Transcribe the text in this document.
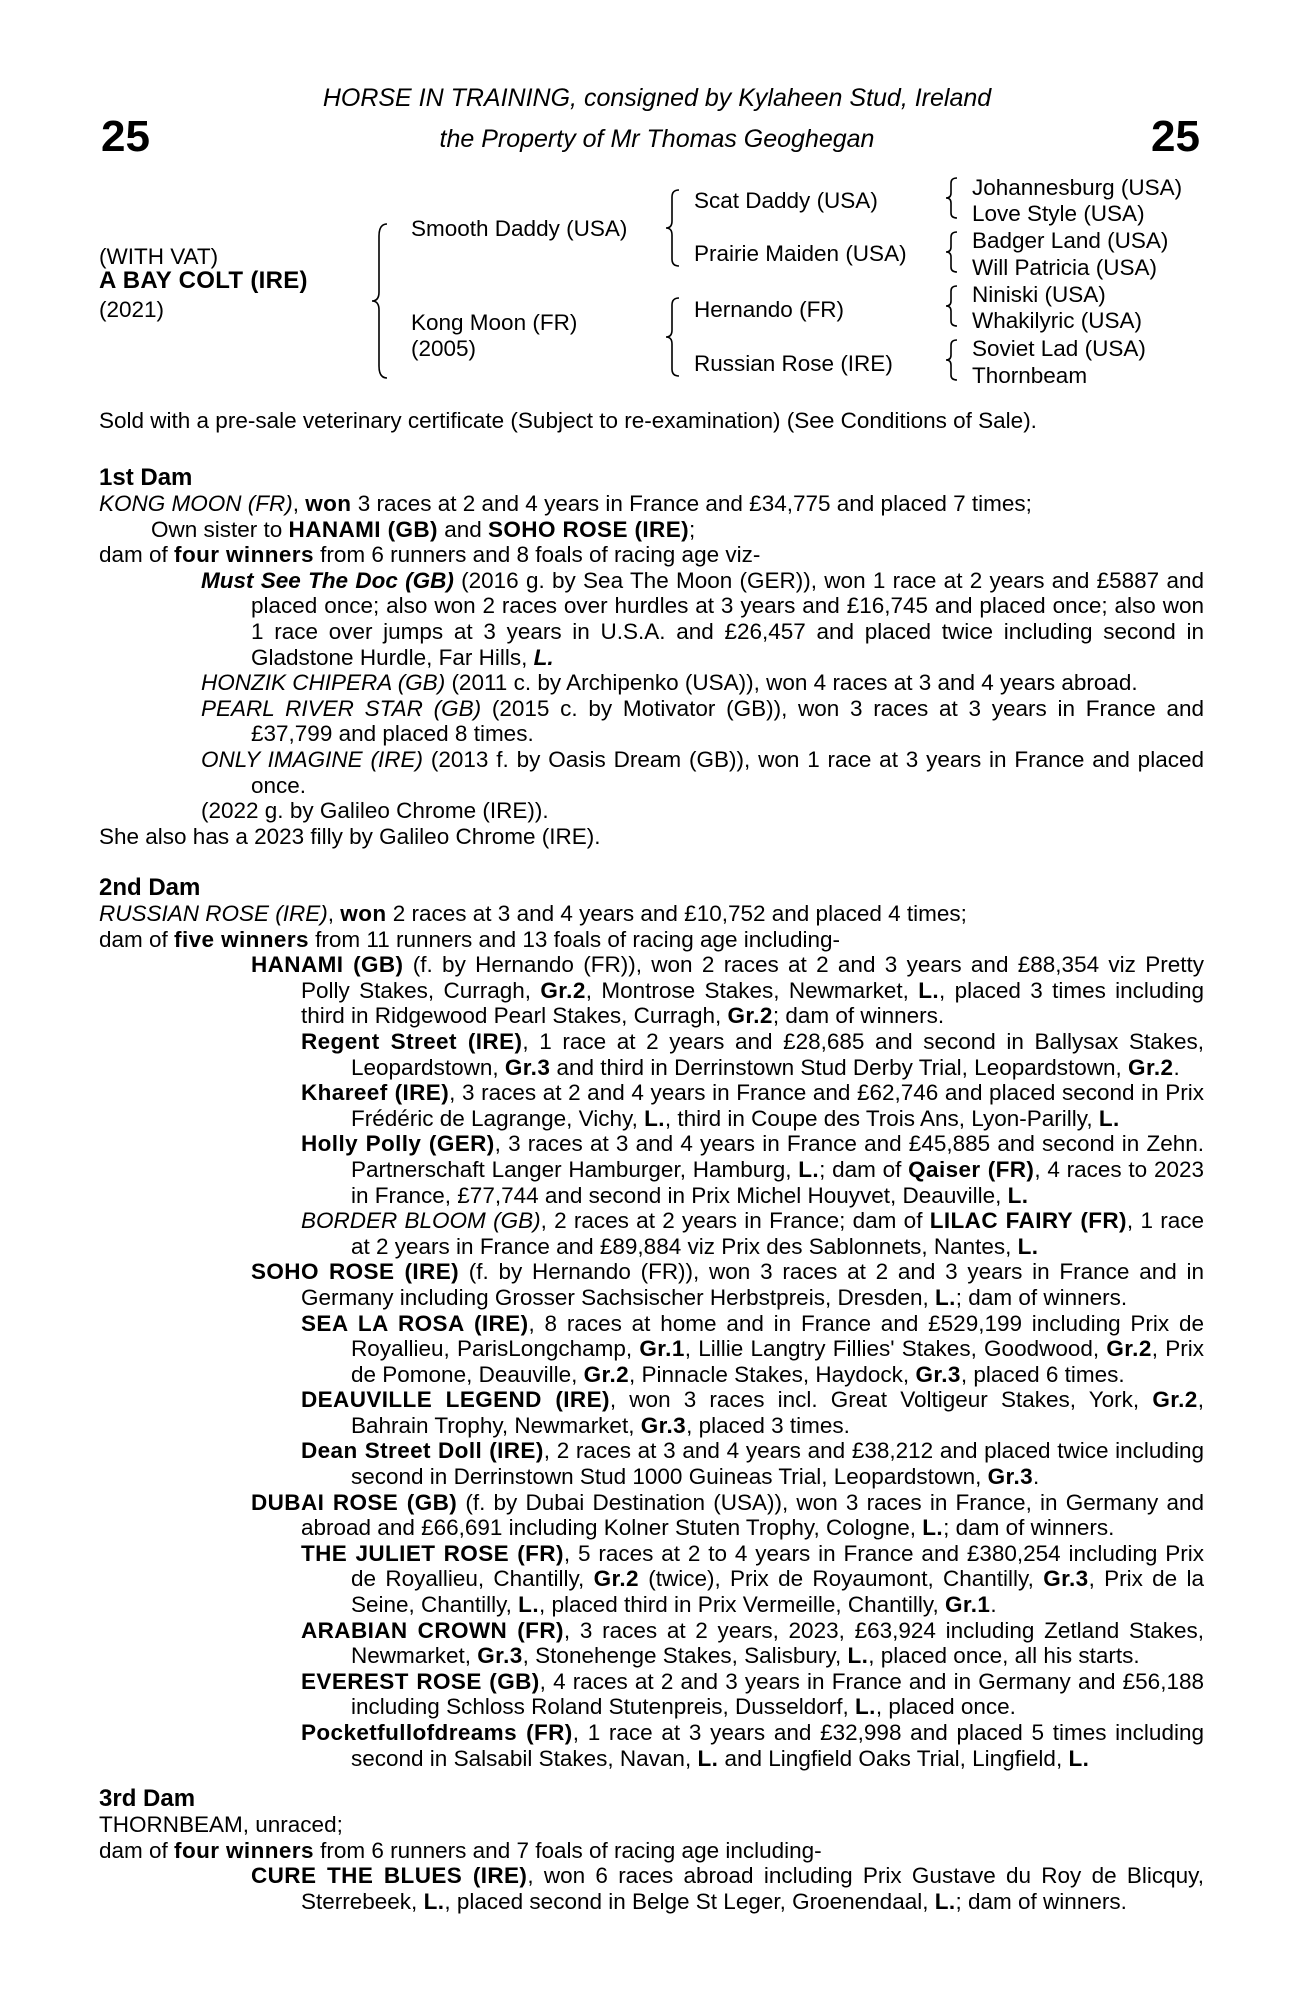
25	25
HORSE IN TRAINING, consigned by Kylaheen Stud, Ireland
the Property of Mr Thomas Geoghegan
(WITH VAT)
A BAY COLT (IRE)
(2021)
Smooth Daddy (USA)
Kong Moon (FR)
(2005)
Scat Daddy (USA)
Prairie Maiden (USA)
Hernando (FR)
Russian Rose (IRE)
Johannesburg (USA)
Love Style (USA)
Badger Land (USA)
Will Patricia (USA)
Niniski (USA)
Whakilyric (USA)
Soviet Lad (USA)
Thornbeam
Sold with a pre-sale veterinary certificate (Subject to re-examination) (See Conditions of Sale).

1st Dam

KONG MOON (FR), won 3 races at 2 and 4 years in France and £34,775 and placed 7 times;

Own sister to HANAMI (GB) and SOHO ROSE (IRE);

dam of four winners from 6 runners and 8 foals of racing age viz-

Must See The Doc (GB) (2016 g. by Sea The Moon (GER)), won 1 race at 2 years and £5887 and placed once; also won 2 races over hurdles at 3 years and £16,745 and placed once; also won 1 race over jumps at 3 years in U.S.A. and £26,457 and placed twice including second in Gladstone Hurdle, Far Hills, L.

HONZIK CHIPERA (GB) (2011 c. by Archipenko (USA)), won 4 races at 3 and 4 years abroad.

PEARL RIVER STAR (GB) (2015 c. by Motivator (GB)), won 3 races at 3 years in France and £37,799 and placed 8 times.

ONLY IMAGINE (IRE) (2013 f. by Oasis Dream (GB)), won 1 race at 3 years in France and placed once.

(2022 g. by Galileo Chrome (IRE)).

She also has a 2023 filly by Galileo Chrome (IRE).

2nd Dam

RUSSIAN ROSE (IRE), won 2 races at 3 and 4 years and £10,752 and placed 4 times;

dam of five winners from 11 runners and 13 foals of racing age including-

HANAMI (GB) (f. by Hernando (FR)), won 2 races at 2 and 3 years and £88,354 viz Pretty Polly Stakes, Curragh, Gr.2, Montrose Stakes, Newmarket, L., placed 3 times including third in Ridgewood Pearl Stakes, Curragh, Gr.2; dam of winners.

Regent Street (IRE), 1 race at 2 years and £28,685 and second in Ballysax Stakes, Leopardstown, Gr.3 and third in Derrinstown Stud Derby Trial, Leopardstown, Gr.2.

Khareef (IRE), 3 races at 2 and 4 years in France and £62,746 and placed second in Prix Frédéric de Lagrange, Vichy, L., third in Coupe des Trois Ans, Lyon-Parilly, L.

Holly Polly (GER), 3 races at 3 and 4 years in France and £45,885 and second in Zehn. Partnerschaft Langer Hamburger, Hamburg, L.; dam of Qaiser (FR), 4 races to 2023 in France, £77,744 and second in Prix Michel Houyvet, Deauville, L.

BORDER BLOOM (GB), 2 races at 2 years in France; dam of LILAC FAIRY (FR), 1 race at 2 years in France and £89,884 viz Prix des Sablonnets, Nantes, L.

SOHO ROSE (IRE) (f. by Hernando (FR)), won 3 races at 2 and 3 years in France and in Germany including Grosser Sachsischer Herbstpreis, Dresden, L.; dam of winners.

SEA LA ROSA (IRE), 8 races at home and in France and £529,199 including Prix de Royallieu, ParisLongchamp, Gr.1, Lillie Langtry Fillies' Stakes, Goodwood, Gr.2, Prix de Pomone, Deauville, Gr.2, Pinnacle Stakes, Haydock, Gr.3, placed 6 times.

DEAUVILLE LEGEND (IRE), won 3 races incl. Great Voltigeur Stakes, York, Gr.2, Bahrain Trophy, Newmarket, Gr.3, placed 3 times.

Dean Street Doll (IRE), 2 races at 3 and 4 years and £38,212 and placed twice including second in Derrinstown Stud 1000 Guineas Trial, Leopardstown, Gr.3.

DUBAI ROSE (GB) (f. by Dubai Destination (USA)), won 3 races in France, in Germany and abroad and £66,691 including Kolner Stuten Trophy, Cologne, L.; dam of winners.

THE JULIET ROSE (FR), 5 races at 2 to 4 years in France and £380,254 including Prix de Royallieu, Chantilly, Gr.2 (twice), Prix de Royaumont, Chantilly, Gr.3, Prix de la Seine, Chantilly, L., placed third in Prix Vermeille, Chantilly, Gr.1.

ARABIAN CROWN (FR), 3 races at 2 years, 2023, £63,924 including Zetland Stakes, Newmarket, Gr.3, Stonehenge Stakes, Salisbury, L., placed once, all his starts.

EVEREST ROSE (GB), 4 races at 2 and 3 years in France and in Germany and £56,188 including Schloss Roland Stutenpreis, Dusseldorf, L., placed once.

Pocketfullofdreams (FR), 1 race at 3 years and £32,998 and placed 5 times including second in Salsabil Stakes, Navan, L. and Lingfield Oaks Trial, Lingfield, L.

3rd Dam

THORNBEAM, unraced;

dam of four winners from 6 runners and 7 foals of racing age including-

CURE THE BLUES (IRE), won 6 races abroad including Prix Gustave du Roy de Blicquy, Sterrebeek, L., placed second in Belge St Leger, Groenendaal, L.; dam of winners.
